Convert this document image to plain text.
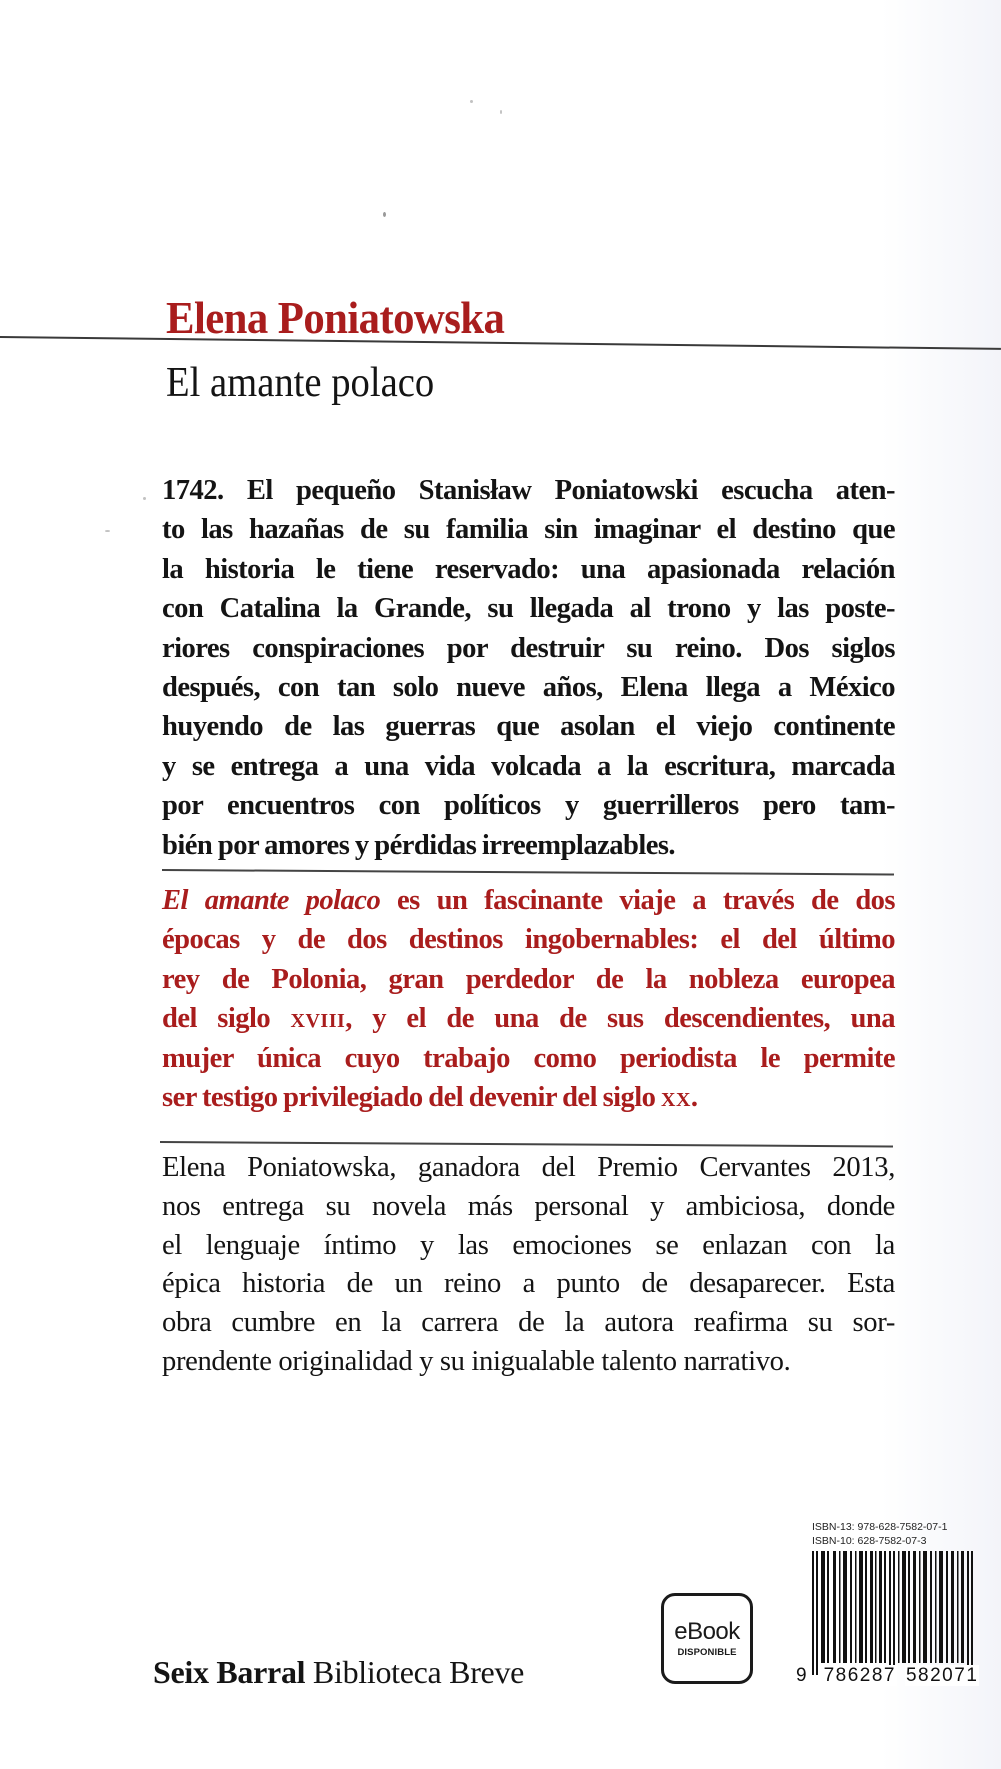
Elena Poniatowska
El amante polaco
1742. El pequeño Stanisław Poniatowski escucha aten-
to las hazañas de su familia sin imaginar el destino que
la historia le tiene reservado: una apasionada relación
con Catalina la Grande, su llegada al trono y las poste-
riores conspiraciones por destruir su reino. Dos siglos
después, con tan solo nueve años, Elena llega a México
huyendo de las guerras que asolan el viejo continente
y se entrega a una vida volcada a la escritura, marcada
por encuentros con políticos y guerrilleros pero tam-
bién por amores y pérdidas irreemplazables.
El amante polaco es un fascinante viaje a través de dos
épocas y de dos destinos ingobernables: el del último
rey de Polonia, gran perdedor de la nobleza europea
del siglo xviii, y el de una de sus descendientes, una
mujer única cuyo trabajo como periodista le permite
ser testigo privilegiado del devenir del siglo xx.
Elena Poniatowska, ganadora del Premio Cervantes 2013,
nos entrega su novela más personal y ambiciosa, donde
el lenguaje íntimo y las emociones se enlazan con la
épica historia de un reino a punto de desaparecer. Esta
obra cumbre en la carrera de la autora reafirma su sor-
prendente originalidad y su inigualable talento narrativo.
Seix Barral Biblioteca Breve
eBook
DISPONIBLE
ISBN-13: 978-628-7582-07-1
ISBN-10: 628-7582-07-3
9 786287 582071
